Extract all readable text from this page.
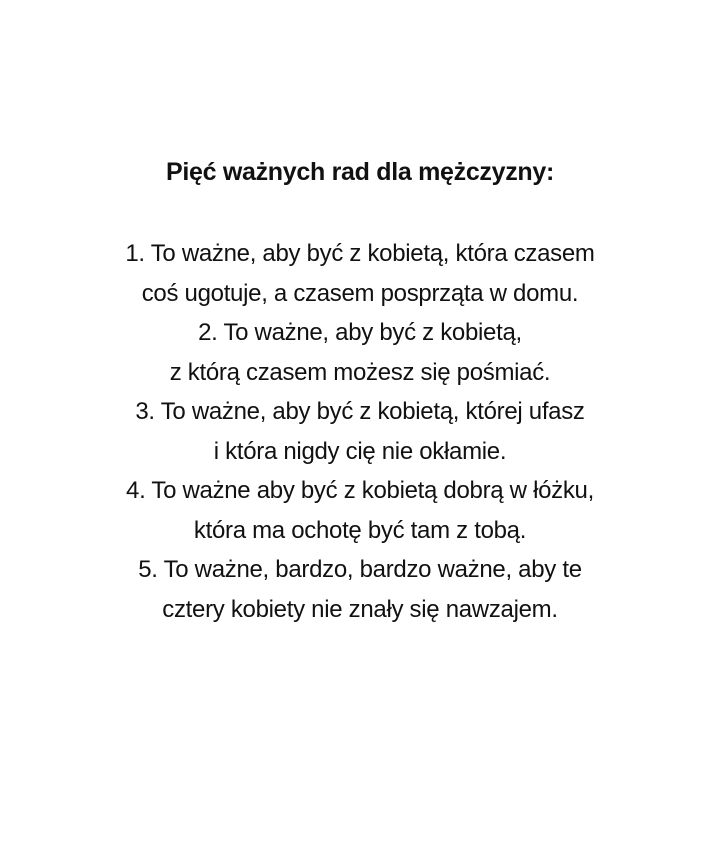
Pięć ważnych rad dla mężczyzny:
1. To ważne, aby być z kobietą, która czasem
coś ugotuje, a czasem posprząta w domu.
2. To ważne, aby być z kobietą,
z którą czasem możesz się pośmiać.
3. To ważne, aby być z kobietą, której ufasz
i która nigdy cię nie okłamie.
4. To ważne aby być z kobietą dobrą w łóżku,
która ma ochotę być tam z tobą.
5. To ważne, bardzo, bardzo ważne, aby te
cztery kobiety nie znały się nawzajem.
